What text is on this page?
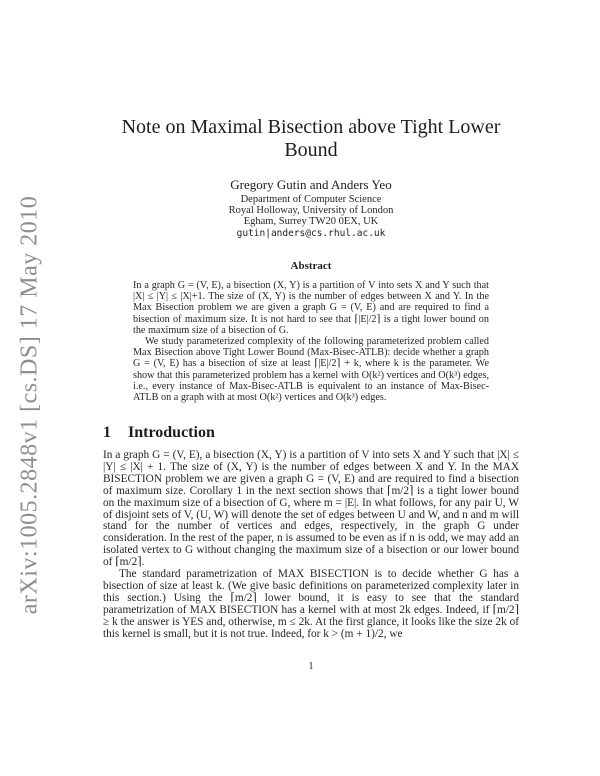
arXiv:1005.2848v1 [cs.DS] 17 May 2010
Note on Maximal Bisection above Tight Lower
Bound
Gregory Gutin and Anders Yeo
Department of Computer Science
Royal Holloway, University of London
Egham, Surrey TW20 0EX, UK
gutin|anders@cs.rhul.ac.uk
Abstract

In a graph G = (V, E), a bisection (X, Y) is a partition of V into sets X and Y such that |X| ≤ |Y| ≤ |X|+1. The size of (X, Y) is the number of edges between X and Y. In the Max Bisection problem we are given a graph G = (V, E) and are required to find a bisection of maximum size. It is not hard to see that ⌈|E|/2⌉ is a tight lower bound on the maximum size of a bisection of G.

We study parameterized complexity of the following parameterized problem called Max Bisection above Tight Lower Bound (Max-Bisec-ATLB): decide whether a graph G = (V, E) has a bisection of size at least ⌈|E|/2⌉ + k, where k is the parameter. We show that this parameterized problem has a kernel with O(k²) vertices and O(k³) edges, i.e., every instance of Max-Bisec-ATLB is equivalent to an instance of Max-Bisec-ATLB on a graph with at most O(k²) vertices and O(k³) edges.

1 Introduction

In a graph G = (V, E), a bisection (X, Y) is a partition of V into sets X and Y such that |X| ≤ |Y| ≤ |X| + 1. The size of (X, Y) is the number of edges between X and Y. In the MAX BISECTION problem we are given a graph G = (V, E) and are required to find a bisection of maximum size. Corollary 1 in the next section shows that ⌈m/2⌉ is a tight lower bound on the maximum size of a bisection of G, where m = |E|. In what follows, for any pair U, W of disjoint sets of V, (U, W) will denote the set of edges between U and W, and n and m will stand for the number of vertices and edges, respectively, in the graph G under consideration. In the rest of the paper, n is assumed to be even as if n is odd, we may add an isolated vertex to G without changing the maximum size of a bisection or our lower bound of ⌈m/2⌉.

The standard parametrization of MAX BISECTION is to decide whether G has a bisection of size at least k. (We give basic definitions on parameterized complexity later in this section.) Using the ⌈m/2⌉ lower bound, it is easy to see that the standard parametrization of MAX BISECTION has a kernel with at most 2k edges. Indeed, if ⌈m/2⌉ ≥ k the answer is YES and, otherwise, m ≤ 2k. At the first glance, it looks like the size 2k of this kernel is small, but it is not true. Indeed, for k > (m + 1)/2, we

1
